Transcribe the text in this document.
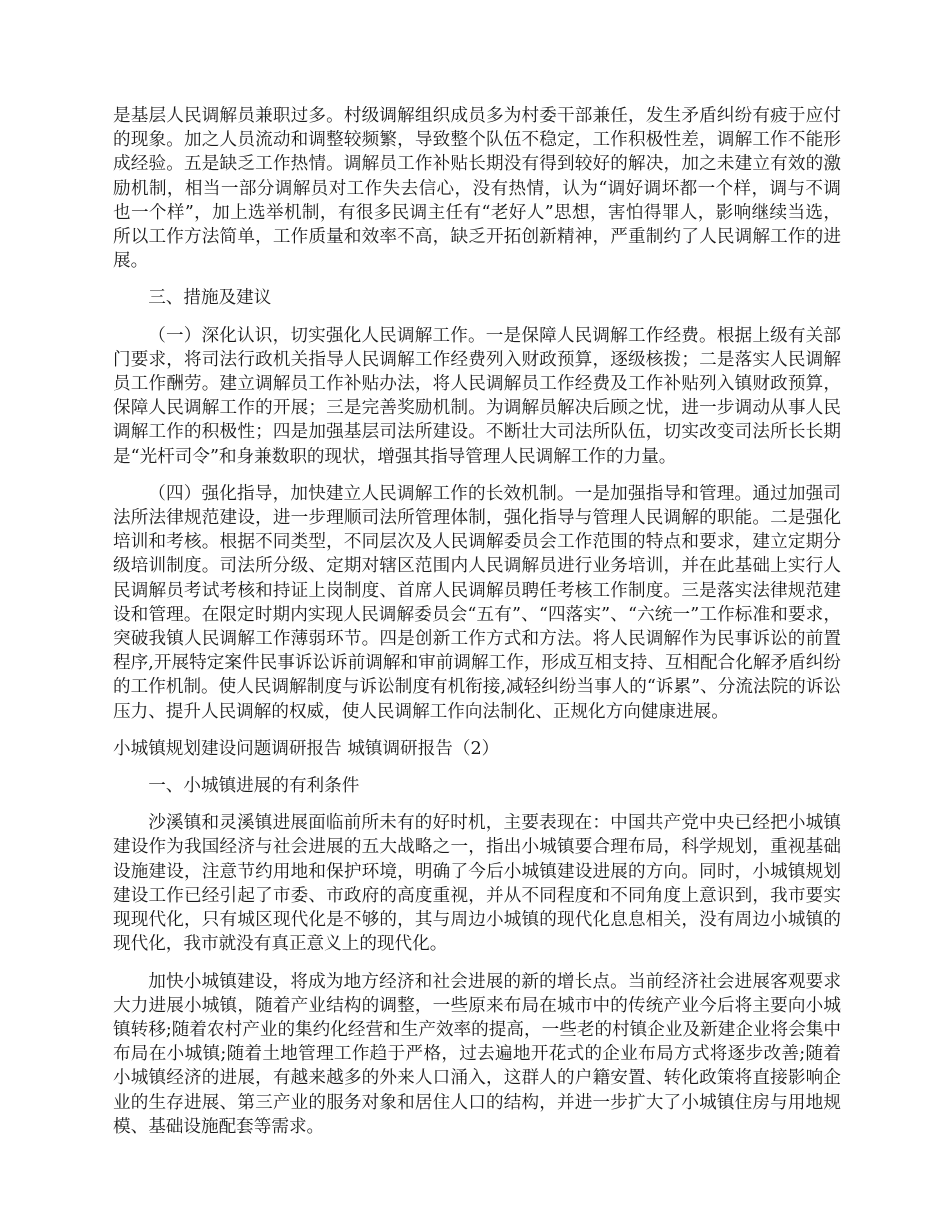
是基层人民调解员兼职过多。村级调解组织成员多为村委干部兼任，发生矛盾纠纷有疲于应付的现象。加之人员流动和调整较频繁，导致整个队伍不稳定，工作积极性差，调解工作不能形成经验。五是缺乏工作热情。调解员工作补贴长期没有得到较好的解决，加之未建立有效的激励机制，相当一部分调解员对工作失去信心，没有热情，认为“调好调坏都一个样，调与不调也一个样”，加上选举机制，有很多民调主任有“老好人”思想，害怕得罪人，影响继续当选，所以工作方法简单，工作质量和效率不高，缺乏开拓创新精神，严重制约了人民调解工作的进展。

三、措施及建议

（一）深化认识，切实强化人民调解工作。一是保障人民调解工作经费。根据上级有关部门要求，将司法行政机关指导人民调解工作经费列入财政预算，逐级核拨；二是落实人民调解员工作酬劳。建立调解员工作补贴办法，将人民调解员工作经费及工作补贴列入镇财政预算，保障人民调解工作的开展；三是完善奖励机制。为调解员解决后顾之忧，进一步调动从事人民调解工作的积极性；四是加强基层司法所建设。不断壮大司法所队伍，切实改变司法所长长期是“光杆司令”和身兼数职的现状，增强其指导管理人民调解工作的力量。

（四）强化指导，加快建立人民调解工作的长效机制。一是加强指导和管理。通过加强司法所法律规范建设，进一步理顺司法所管理体制，强化指导与管理人民调解的职能。二是强化培训和考核。根据不同类型，不同层次及人民调解委员会工作范围的特点和要求，建立定期分级培训制度。司法所分级、定期对辖区范围内人民调解员进行业务培训，并在此基础上实行人民调解员考试考核和持证上岗制度、首席人民调解员聘任考核工作制度。三是落实法律规范建设和管理。在限定时期内实现人民调解委员会“五有”、“四落实”、“六统一”工作标准和要求，突破我镇人民调解工作薄弱环节。四是创新工作方式和方法。将人民调解作为民事诉讼的前置程序,开展特定案件民事诉讼诉前调解和审前调解工作，形成互相支持、互相配合化解矛盾纠纷的工作机制。使人民调解制度与诉讼制度有机衔接,减轻纠纷当事人的“诉累”、分流法院的诉讼压力、提升人民调解的权威，使人民调解工作向法制化、正规化方向健康进展。

小城镇规划建设问题调研报告 城镇调研报告（2）

一、小城镇进展的有利条件

沙溪镇和灵溪镇进展面临前所未有的好时机，主要表现在：中国共产党中央已经把小城镇建设作为我国经济与社会进展的五大战略之一，指出小城镇要合理布局，科学规划，重视基础设施建设，注意节约用地和保护环境，明确了今后小城镇建设进展的方向。同时，小城镇规划建设工作已经引起了市委、市政府的高度重视，并从不同程度和不同角度上意识到，我市要实现现代化，只有城区现代化是不够的，其与周边小城镇的现代化息息相关，没有周边小城镇的现代化，我市就没有真正意义上的现代化。

加快小城镇建设，将成为地方经济和社会进展的新的增长点。当前经济社会进展客观要求大力进展小城镇，随着产业结构的调整，一些原来布局在城市中的传统产业今后将主要向小城镇转移;随着农村产业的集约化经营和生产效率的提高，一些老的村镇企业及新建企业将会集中布局在小城镇;随着土地管理工作趋于严格，过去遍地开花式的企业布局方式将逐步改善;随着小城镇经济的进展，有越来越多的外来人口涌入，这群人的户籍安置、转化政策将直接影响企业的生存进展、第三产业的服务对象和居住人口的结构，并进一步扩大了小城镇住房与用地规模、基础设施配套等需求。
